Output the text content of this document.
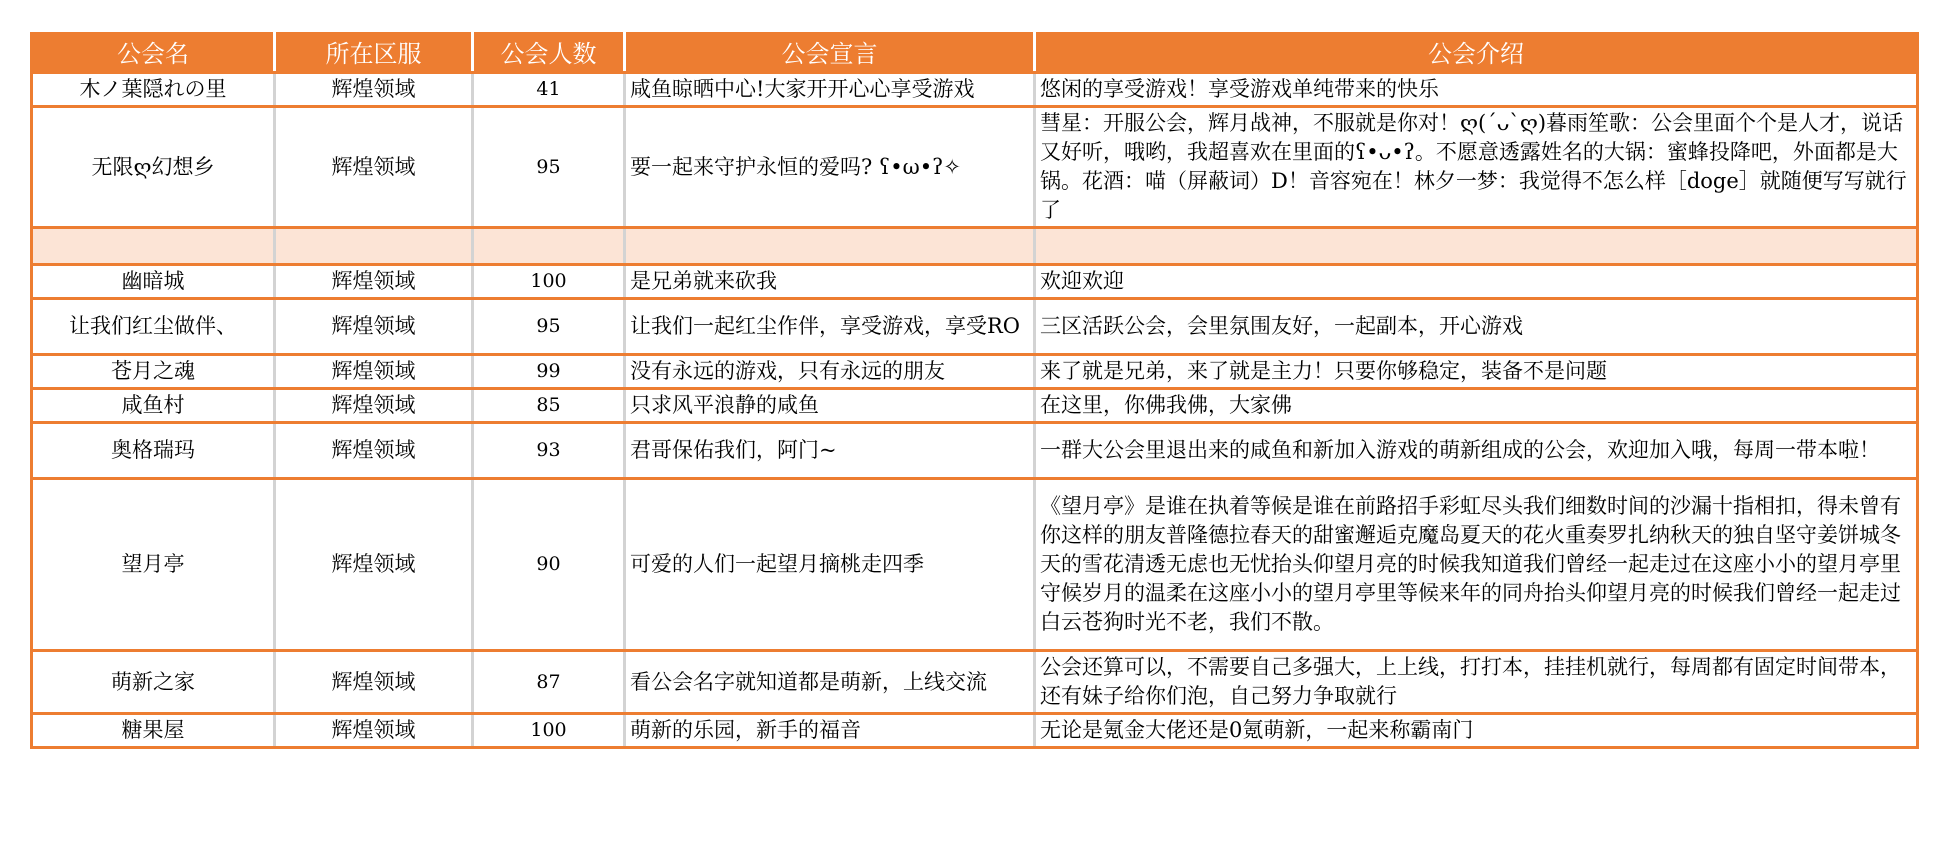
公会名	所在区服	公会人数	公会宣言	公会介绍
木ノ葉隠れの里	辉煌领域	41	咸鱼晾晒中心!大家开开心心享受游戏	悠闲的享受游戏！享受游戏单纯带来的快乐
无限ღ幻想乡	辉煌领域	95	要一起来守护永恒的爱吗? ʕ•ω•ʔ✧	彗星：开服公会，辉月战神，不服就是你对！ღ(´ᴗ`ღ)暮雨笙歌：公会里面个个是人才，说话又好听，哦哟，我超喜欢在里面的ʕ•ᴗ•ʔ。不愿意透露姓名的大锅：蜜蜂投降吧，外面都是大锅。花酒：喵（屏蔽词）D！音容宛在！林夕一梦：我觉得不怎么样［doge］就随便写写就行了

幽暗城	辉煌领域	100	是兄弟就来砍我	欢迎欢迎
让我们红尘做伴、	辉煌领域	95	让我们一起红尘作伴，享受游戏，享受RO	三区活跃公会，会里氛围友好，一起副本，开心游戏
苍月之魂	辉煌领域	99	没有永远的游戏，只有永远的朋友	来了就是兄弟，来了就是主力！只要你够稳定，装备不是问题
咸鱼村	辉煌领域	85	只求风平浪静的咸鱼	在这里，你佛我佛，大家佛
奥格瑞玛	辉煌领域	93	君哥保佑我们，阿门~	一群大公会里退出来的咸鱼和新加入游戏的萌新组成的公会，欢迎加入哦，每周一带本啦！
望月亭	辉煌领域	90	可爱的人们一起望月摘桃走四季	《望月亭》是谁在执着等候是谁在前路招手彩虹尽头我们细数时间的沙漏十指相扣，得未曾有你这样的朋友普隆德拉春天的甜蜜邂逅克魔岛夏天的花火重奏罗扎纳秋天的独自坚守姜饼城冬天的雪花清透无虑也无忧抬头仰望月亮的时候我知道我们曾经一起走过在这座小小的望月亭里守候岁月的温柔在这座小小的望月亭里等候来年的同舟抬头仰望月亮的时候我们曾经一起走过白云苍狗时光不老，我们不散。
萌新之家	辉煌领域	87	看公会名字就知道都是萌新，上线交流	公会还算可以，不需要自己多强大，上上线，打打本，挂挂机就行，每周都有固定时间带本，还有妹子给你们泡，自己努力争取就行
糖果屋	辉煌领域	100	萌新的乐园，新手的福音	无论是氪金大佬还是0氪萌新，一起来称霸南门
